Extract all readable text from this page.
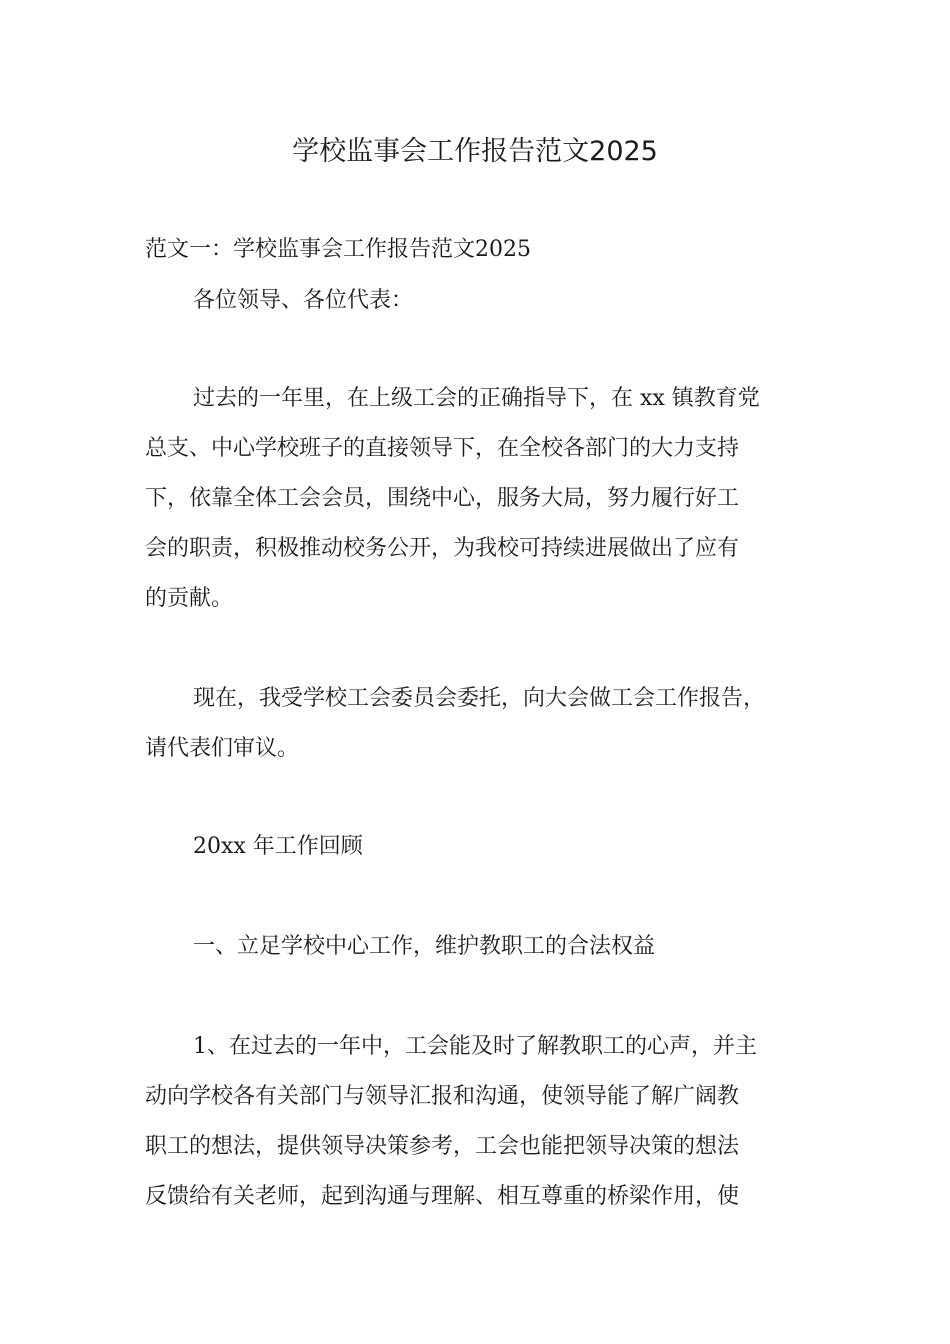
学校监事会工作报告范文2025
范文一：学校监事会工作报告范文2025
各位领导、各位代表：
过去的一年里，在上级工会的正确指导下，在 xx 镇教育党
总支、中心学校班子的直接领导下，在全校各部门的大力支持
下，依靠全体工会会员，围绕中心，服务大局，努力履行好工
会的职责，积极推动校务公开，为我校可持续进展做出了应有
的贡献。
现在，我受学校工会委员会委托，向大会做工会工作报告，
请代表们审议。
20xx 年工作回顾
一、立足学校中心工作，维护教职工的合法权益
1、在过去的一年中，工会能及时了解教职工的心声，并主
动向学校各有关部门与领导汇报和沟通，使领导能了解广阔教
职工的想法，提供领导决策参考，工会也能把领导决策的想法
反馈给有关老师，起到沟通与理解、相互尊重的桥梁作用，使
